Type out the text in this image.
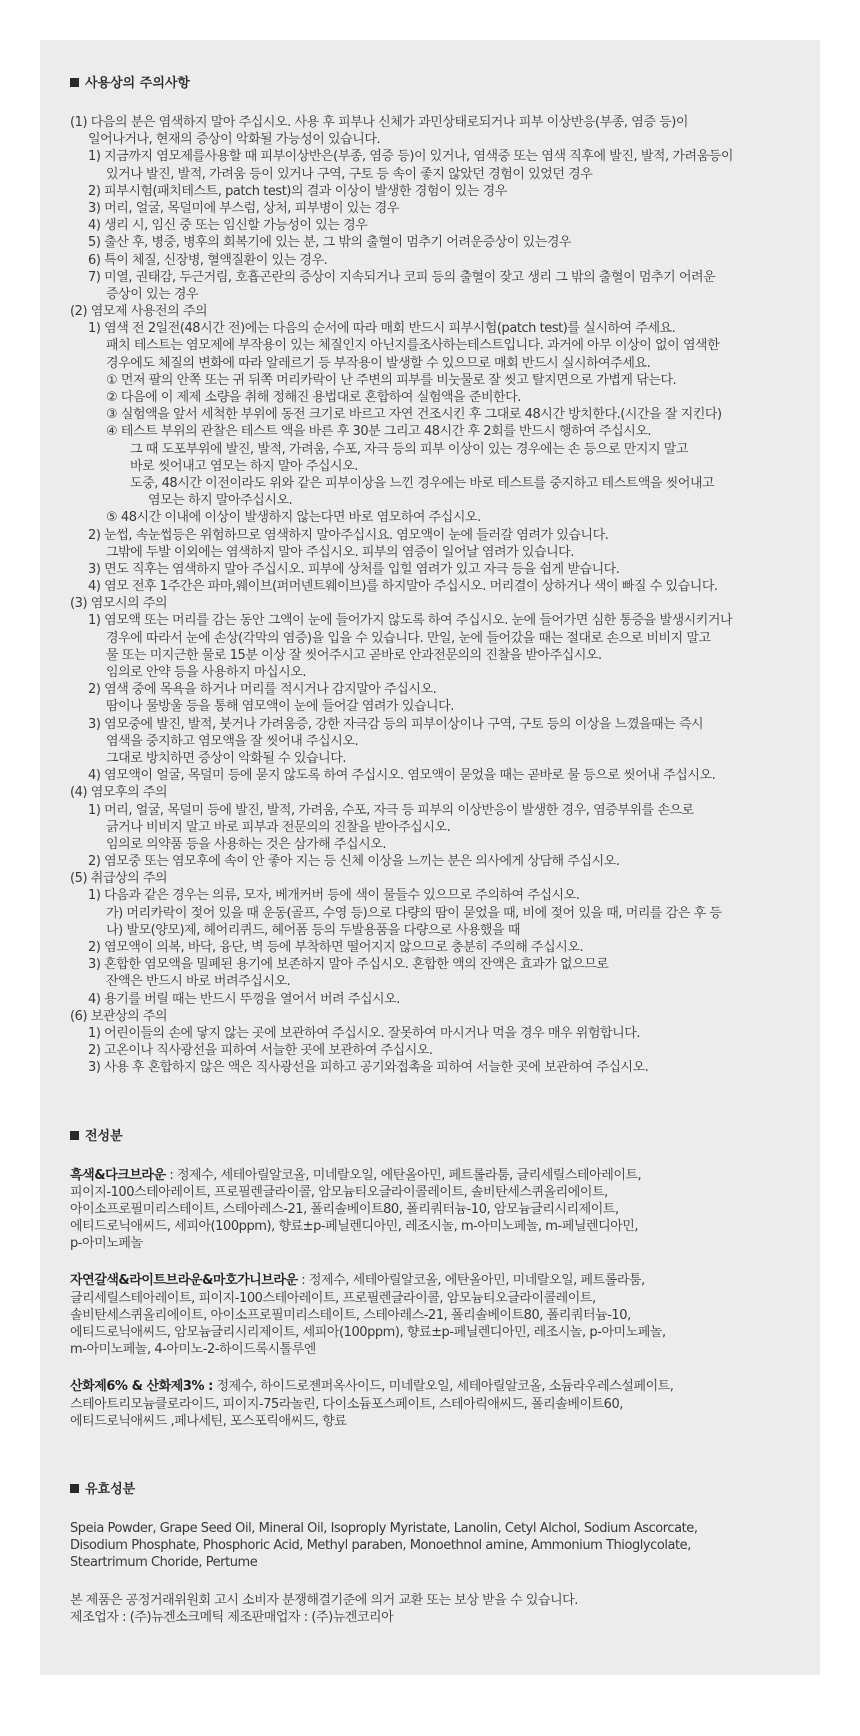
사용상의 주의사항
(1) 다음의 분은 염색하지 말아 주십시오. 사용 후 피부나 신체가 과민상태로되거나 피부 이상반응(부종, 염증 등)이
일어나거나, 현재의 증상이 악화될 가능성이 있습니다.
1) 지금까지 염모제를사용할 때 피부이상반은(부종, 염증 등)이 있거나, 염색중 또는 염색 직후에 발진, 발적, 가려움등이
있거나 발진, 발적, 가려움 등이 있거나 구역, 구토 등 속이 좋지 않았던 경험이 있었던 경우
2) 피부시험(패치테스트, patch test)의 결과 이상이 발생한 경험이 있는 경우
3) 머리, 얼굴, 목덜미에 부스럼, 상처, 피부병이 있는 경우
4) 생리 시, 임신 중 또는 임신할 가능성이 있는 경우
5) 출산 후, 병중, 병후의 회복기에 있는 분, 그 밖의 출혈이 멈추기 어려운증상이 있는경우
6) 특이 체질, 신장병, 혈액질환이 있는 경우.
7) 미열, 권태감, 두근거림, 호흡곤란의 증상이 지속되거나 코피 등의 출혈이 잦고 생리 그 밖의 출혈이 멈추기 어려운
증상이 있는 경우
(2) 염모제 사용전의 주의
1) 염색 전 2일전(48시간 전)에는 다음의 순서에 따라 매회 반드시 피부시험(patch test)를 실시하여 주세요.
패치 테스트는 염모제에 부작용이 있는 체질인지 아닌지를조사하는테스트입니다. 과거에 아무 이상이 없이 염색한
경우에도 체질의 변화에 따라 알레르기 등 부작용이 발생할 수 있으므로 매회 반드시 실시하여주세요.
① 먼저 팔의 안쪽 또는 귀 뒤쪽 머리카락이 난 주변의 피부를 비눗물로 잘 씻고 탈지면으로 가볍게 닦는다.
② 다음에 이 제제 소량을 취해 정해진 용법대로 혼합하여 실험액을 준비한다.
③ 실험액을 앞서 세척한 부위에 동전 크기로 바르고 자연 건조시킨 후 그대로 48시간 방치한다.(시간을 잘 지킨다)
④ 테스트 부위의 관찰은 테스트 액을 바른 후 30분 그리고 48시간 후 2회를 반드시 행하여 주십시오.
그 때 도포부위에 발진, 발적, 가려움, 수포, 자극 등의 피부 이상이 있는 경우에는 손 등으로 만지지 말고
바로 씻어내고 염모는 하지 말아 주십시오.
도중, 48시간 이전이라도 위와 같은 피부이상을 느낀 경우에는 바로 테스트를 중지하고 테스트액을 씻어내고
염모는 하지 말아주십시오.
⑤ 48시간 이내에 이상이 발생하지 않는다면 바로 염모하여 주십시오.
2) 눈썹, 속눈썹등은 위험하므로 염색하지 말아주십시요. 염모액이 눈에 들러갈 염려가 있습니다.
그밖에 두발 이외에는 염색하지 말아 주십시오. 피부의 염증이 일어날 염려가 있습니다.
3) 면도 직후는 염색하지 말아 주십시오. 피부에 상처를 입힐 염려가 있고 자극 등을 쉽게 받습니다.
4) 염모 전후 1주간은 파마,웨이브(퍼머넨트웨이브)를 하지말아 주십시오. 머리결이 상하거나 색이 빠질 수 있습니다.
(3) 염모시의 주의
1) 염모액 또는 머리를 감는 동안 그액이 눈에 들어가지 않도록 하여 주십시오. 눈에 들어가면 심한 통증을 발생시키거나
경우에 따라서 눈에 손상(각막의 염증)을 입을 수 있습니다. 만일, 눈에 들어갔을 때는 절대로 손으로 비비지 말고
물 또는 미지근한 물로 15분 이상 잘 씻어주시고 곧바로 안과전문의의 진찰을 받아주십시오.
임의로 안약 등을 사용하지 마십시오.
2) 염색 중에 목욕을 하거나 머리를 적시거나 감지말아 주십시오.
땀이나 물방울 등을 통해 염모액이 눈에 들어갈 염려가 있습니다.
3) 염모중에 발진, 발적, 붓거나 가려움증, 강한 자극감 등의 피부이상이나 구역, 구토 등의 이상을 느꼈을때는 즉시
염색을 중지하고 염모액을 잘 씻어내 주십시오.
그대로 방치하면 증상이 악화될 수 있습니다.
4) 염모액이 얼굴, 목덜미 등에 묻지 않도록 하여 주십시오. 염모액이 묻었을 때는 곧바로 물 등으로 씻어내 주십시오.
(4) 염모후의 주의
1) 머리, 얼굴, 목덜미 등에 발진, 발적, 가려움, 수포, 자극 등 피부의 이상반응이 발생한 경우, 염증부위를 손으로
긁거나 비비지 말고 바로 피부과 전문의의 진찰을 받아주십시오.
임의로 의약품 등을 사용하는 것은 삼가해 주십시오.
2) 염모중 또는 염모후에 속이 안 좋아 지는 등 신체 이상을 느끼는 분은 의사에게 상담해 주십시오.
(5) 취급상의 주의
1) 다음과 같은 경우는 의류, 모자, 베개커버 등에 색이 물들수 있으므로 주의하여 주십시오.
가) 머리카락이 젖어 있을 때 운동(골프, 수영 등)으로 다량의 땀이 묻었을 때, 비에 젖어 있을 때, 머리를 감은 후 등
나) 발모(양모)제, 헤어리퀴드, 헤어폼 등의 두발용품을 다량으로 사용했을 때
2) 염모액이 의복, 바닥, 융단, 벽 등에 부착하면 떨어지지 않으므로 충분히 주의해 주십시오.
3) 혼합한 염모액을 밀폐된 용기에 보존하지 말아 주십시오. 혼합한 액의 잔액은 효과가 없으므로
잔액은 반드시 바로 버려주십시오.
4) 용기를 버릴 때는 반드시 뚜껑을 열어서 버려 주십시오.
(6) 보관상의 주의
1) 어린이들의 손에 닿지 않는 곳에 보관하여 주십시오. 잘못하여 마시거나 먹을 경우 매우 위험합니다.
2) 고온이나 직사광선을 피하여 서늘한 곳에 보관하여 주십시오.
3) 사용 후 혼합하지 않은 액은 직사광선을 피하고 공기와접촉을 피하여 서늘한 곳에 보관하여 주십시오.
전성분
흑색&다크브라운 : 정제수, 세테아릴알코올, 미네랄오일, 에탄올아민, 페트롤라툼, 글리세릴스테아레이트,
피이지-100스테아레이트, 프로필렌글라이콜, 암모늄티오글라이콜레이트, 솔비탄세스퀴올리에이트,
아이소프로필미리스테이트, 스테아레스-21, 폴리솔베이트80, 폴리쿼터늄-10, 암모늄글리시리제이트,
에티드로닉애씨드, 세피아(100ppm), 향료±p-페닐렌디아민, 레조시놀, m-아미노페놀, m-페닐렌디아민,
p-아미노페놀
자연갈색&라이트브라운&마호가니브라운 : 정제수, 세테아릴알코올, 에탄올아민, 미네랄오일, 페트롤라툼,
글리세릴스테아레이트, 피이지-100스테아레이트, 프로필렌글라이콜, 암모늄티오글라이콜레이트,
솔비탄세스퀴올리에이트, 아이소프로필미리스테이트, 스테아레스-21, 폴리솔베이트80, 폴리쿼터늄-10,
에티드로닉애씨드, 암모늄글리시리제이트, 세피아(100ppm), 향료±p-페닐렌디아민, 레조시놀, p-아미노페놀,
m-아미노페놀, 4-아미노-2-하이드록시톨루엔
산화제6% & 산화제3% : 정제수, 하이드로젠퍼옥사이드, 미네랄오일, 세테아릴알코올, 소듐라우레스설페이트,
스테아트리모늄클로라이드, 피이지-75라놀린, 다이소듐포스페이트, 스테아릭애씨드, 폴리솔베이트60,
에티드로닉애씨드 ,페나세틴, 포스포릭애씨드, 향료
유효성분
Speia Powder, Grape Seed Oil, Mineral Oil, Isoproply Myristate, Lanolin, Cetyl Alchol, Sodium Ascorcate,
Disodium Phosphate, Phosphoric Acid, Methyl paraben, Monoethnol amine, Ammonium Thioglycolate,
Steartrimum Choride, Pertume
본 제품은 공정거래위원회 고시 소비자 분쟁해결기준에 의거 교환 또는 보상 받을 수 있습니다.
제조업자 : (주)뉴겐소크메틱 제조판매업자 : (주)뉴겐코리아
